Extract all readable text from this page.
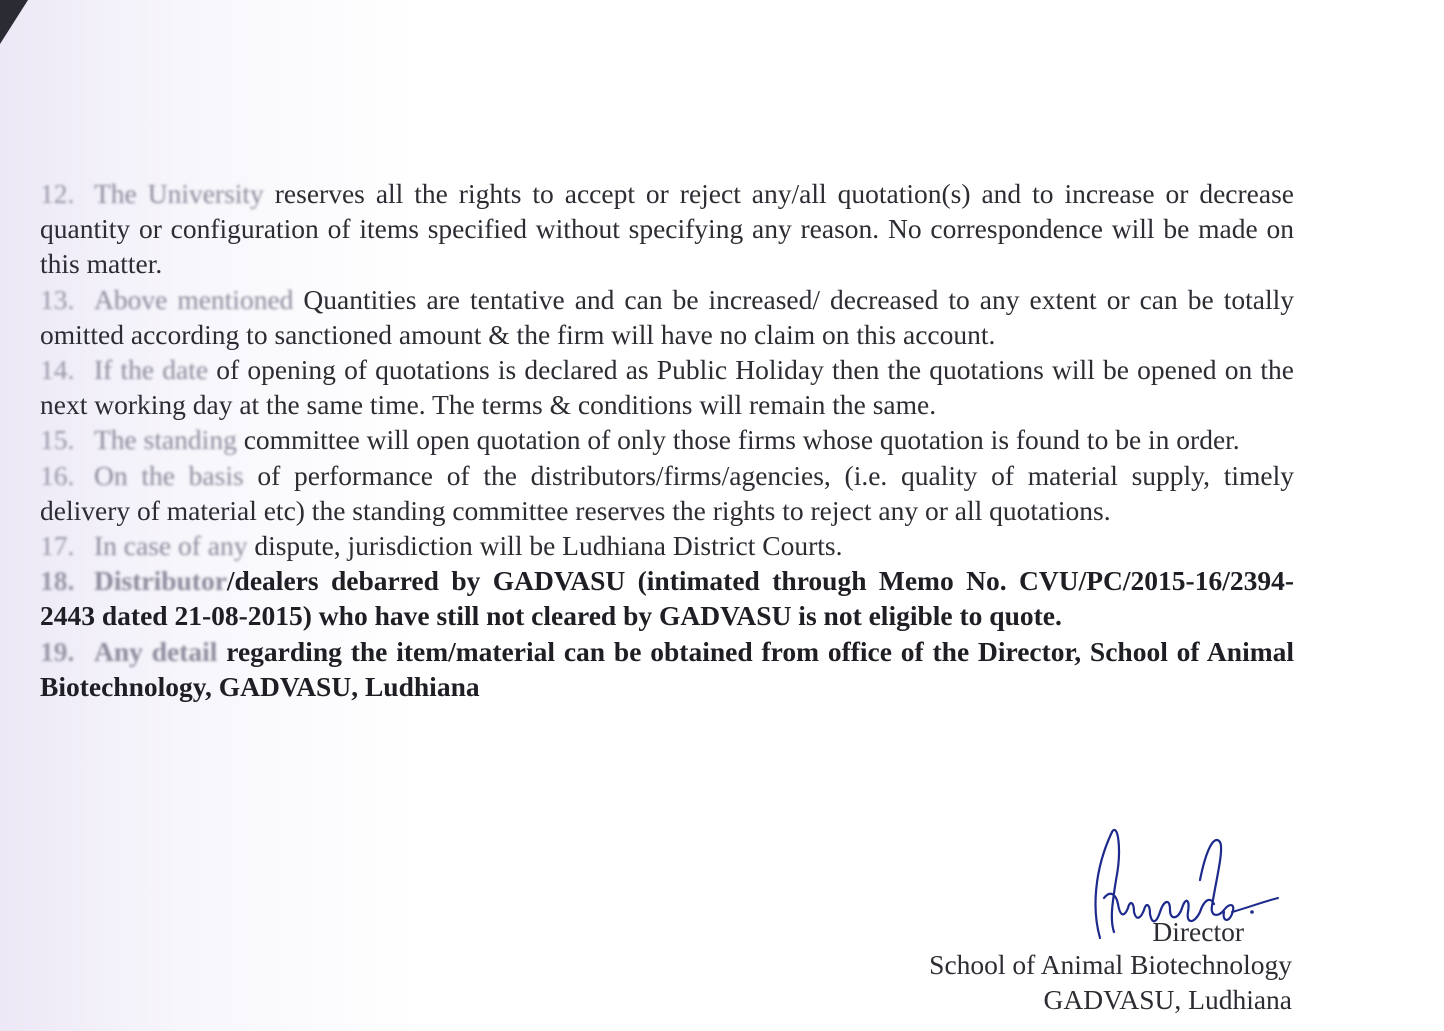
12. The University reserves all the rights to accept or reject any/all quotation(s) and to increase or decrease quantity or configuration of items specified without specifying any reason. No correspondence will be made on this matter.

13. Above mentioned Quantities are tentative and can be increased/ decreased to any extent or can be totally omitted according to sanctioned amount & the firm will have no claim on this account.

14. If the date of opening of quotations is declared as Public Holiday then the quotations will be opened on the next working day at the same time. The terms & conditions will remain the same.

15. The standing committee will open quotation of only those firms whose quotation is found to be in order.

16. On the basis of performance of the distributors/firms/agencies, (i.e. quality of material supply, timely delivery of material etc) the standing committee reserves the rights to reject any or all quotations.

17. In case of any dispute, jurisdiction will be Ludhiana District Courts.

18. Distributor/dealers debarred by GADVASU (intimated through Memo No. CVU/PC/2015-16/2394-2443 dated 21-08-2015) who have still not cleared by GADVASU is not eligible to quote.

19. Any detail regarding the item/material can be obtained from office of the Director, School of Animal Biotechnology, GADVASU, Ludhiana

Director
School of Animal Biotechnology
GADVASU, Ludhiana
